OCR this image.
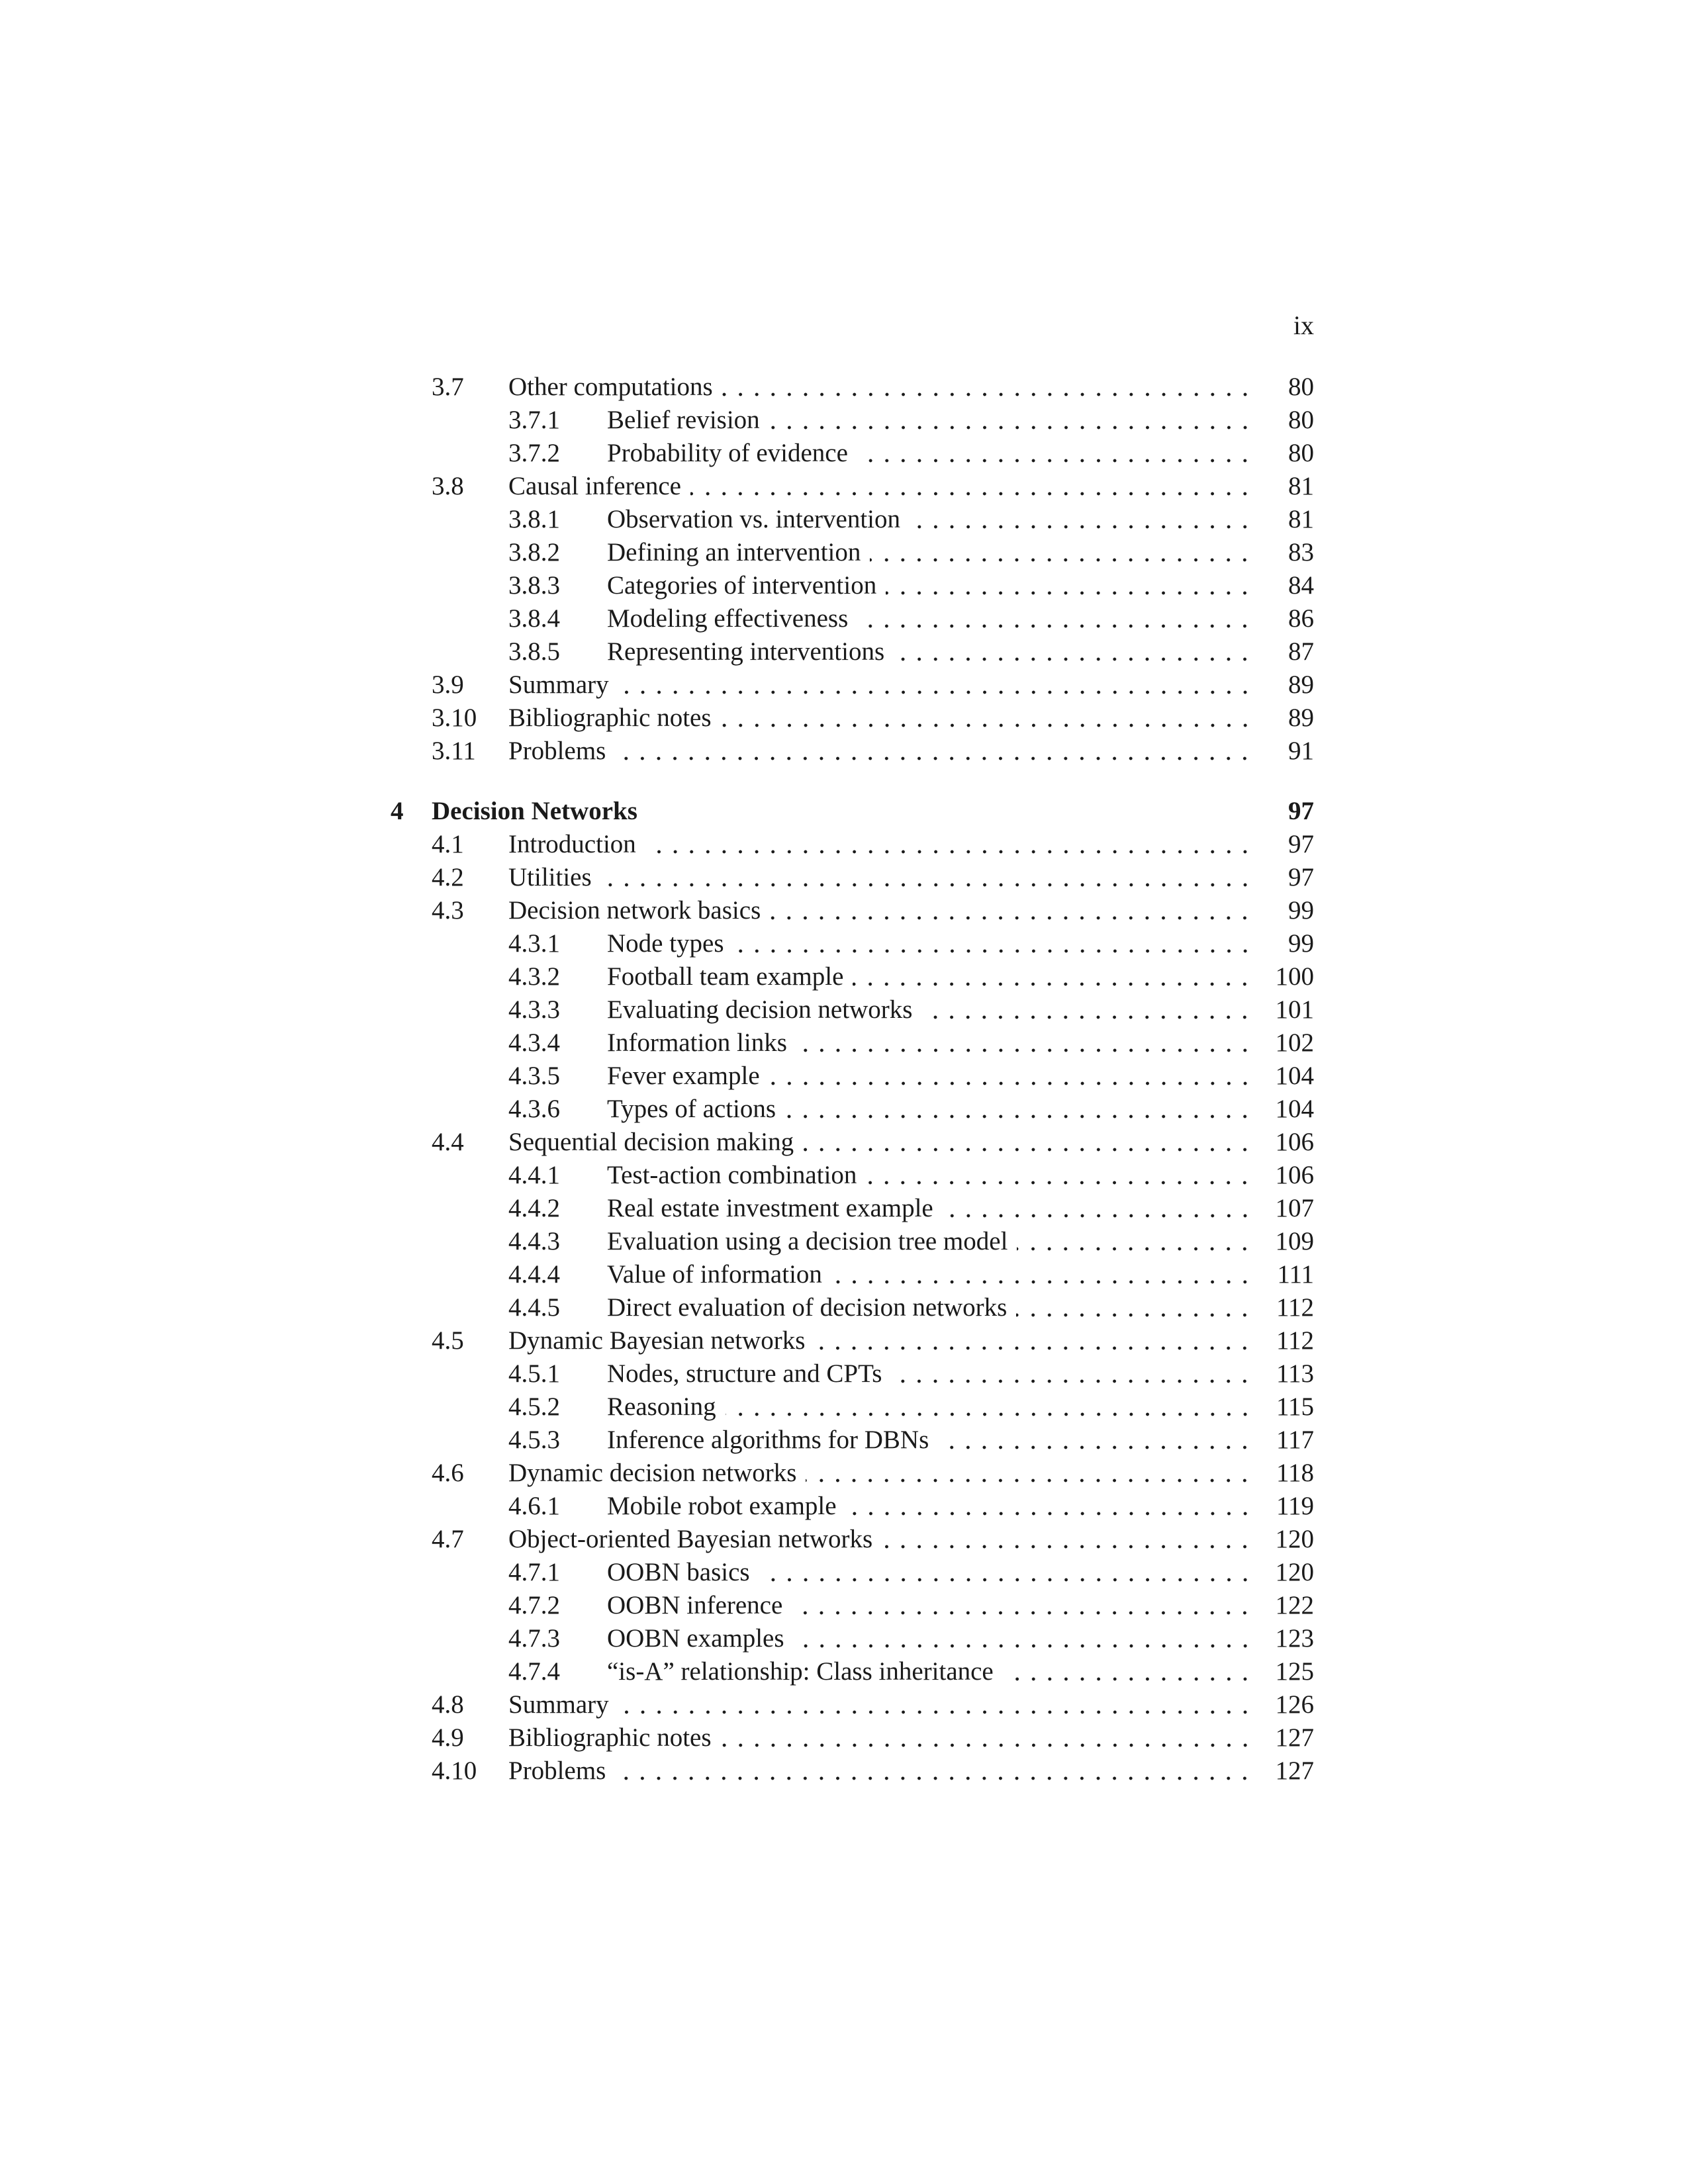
ix
3.7 Other computations	80
3.7.1 Belief revision	80
3.7.2 Probability of evidence	80
3.8 Causal inference	81
3.8.1 Observation vs. intervention	81
3.8.2 Defining an intervention	83
3.8.3 Categories of intervention	84
3.8.4 Modeling effectiveness	86
3.8.5 Representing interventions	87
3.9 Summary	89
3.10 Bibliographic notes	89
3.11 Problems	91
4 Decision Networks	97
4.1 Introduction	97
4.2 Utilities	97
4.3 Decision network basics	99
4.3.1 Node types	99
4.3.2 Football team example	100
4.3.3 Evaluating decision networks	101
4.3.4 Information links	102
4.3.5 Fever example	104
4.3.6 Types of actions	104
4.4 Sequential decision making	106
4.4.1 Test-action combination	106
4.4.2 Real estate investment example	107
4.4.3 Evaluation using a decision tree model	109
4.4.4 Value of information	111
4.4.5 Direct evaluation of decision networks	112
4.5 Dynamic Bayesian networks	112
4.5.1 Nodes, structure and CPTs	113
4.5.2 Reasoning	115
4.5.3 Inference algorithms for DBNs	117
4.6 Dynamic decision networks	118
4.6.1 Mobile robot example	119
4.7 Object-oriented Bayesian networks	120
4.7.1 OOBN basics	120
4.7.2 OOBN inference	122
4.7.3 OOBN examples	123
4.7.4 “is-A” relationship: Class inheritance	125
4.8 Summary	126
4.9 Bibliographic notes	127
4.10 Problems	127
